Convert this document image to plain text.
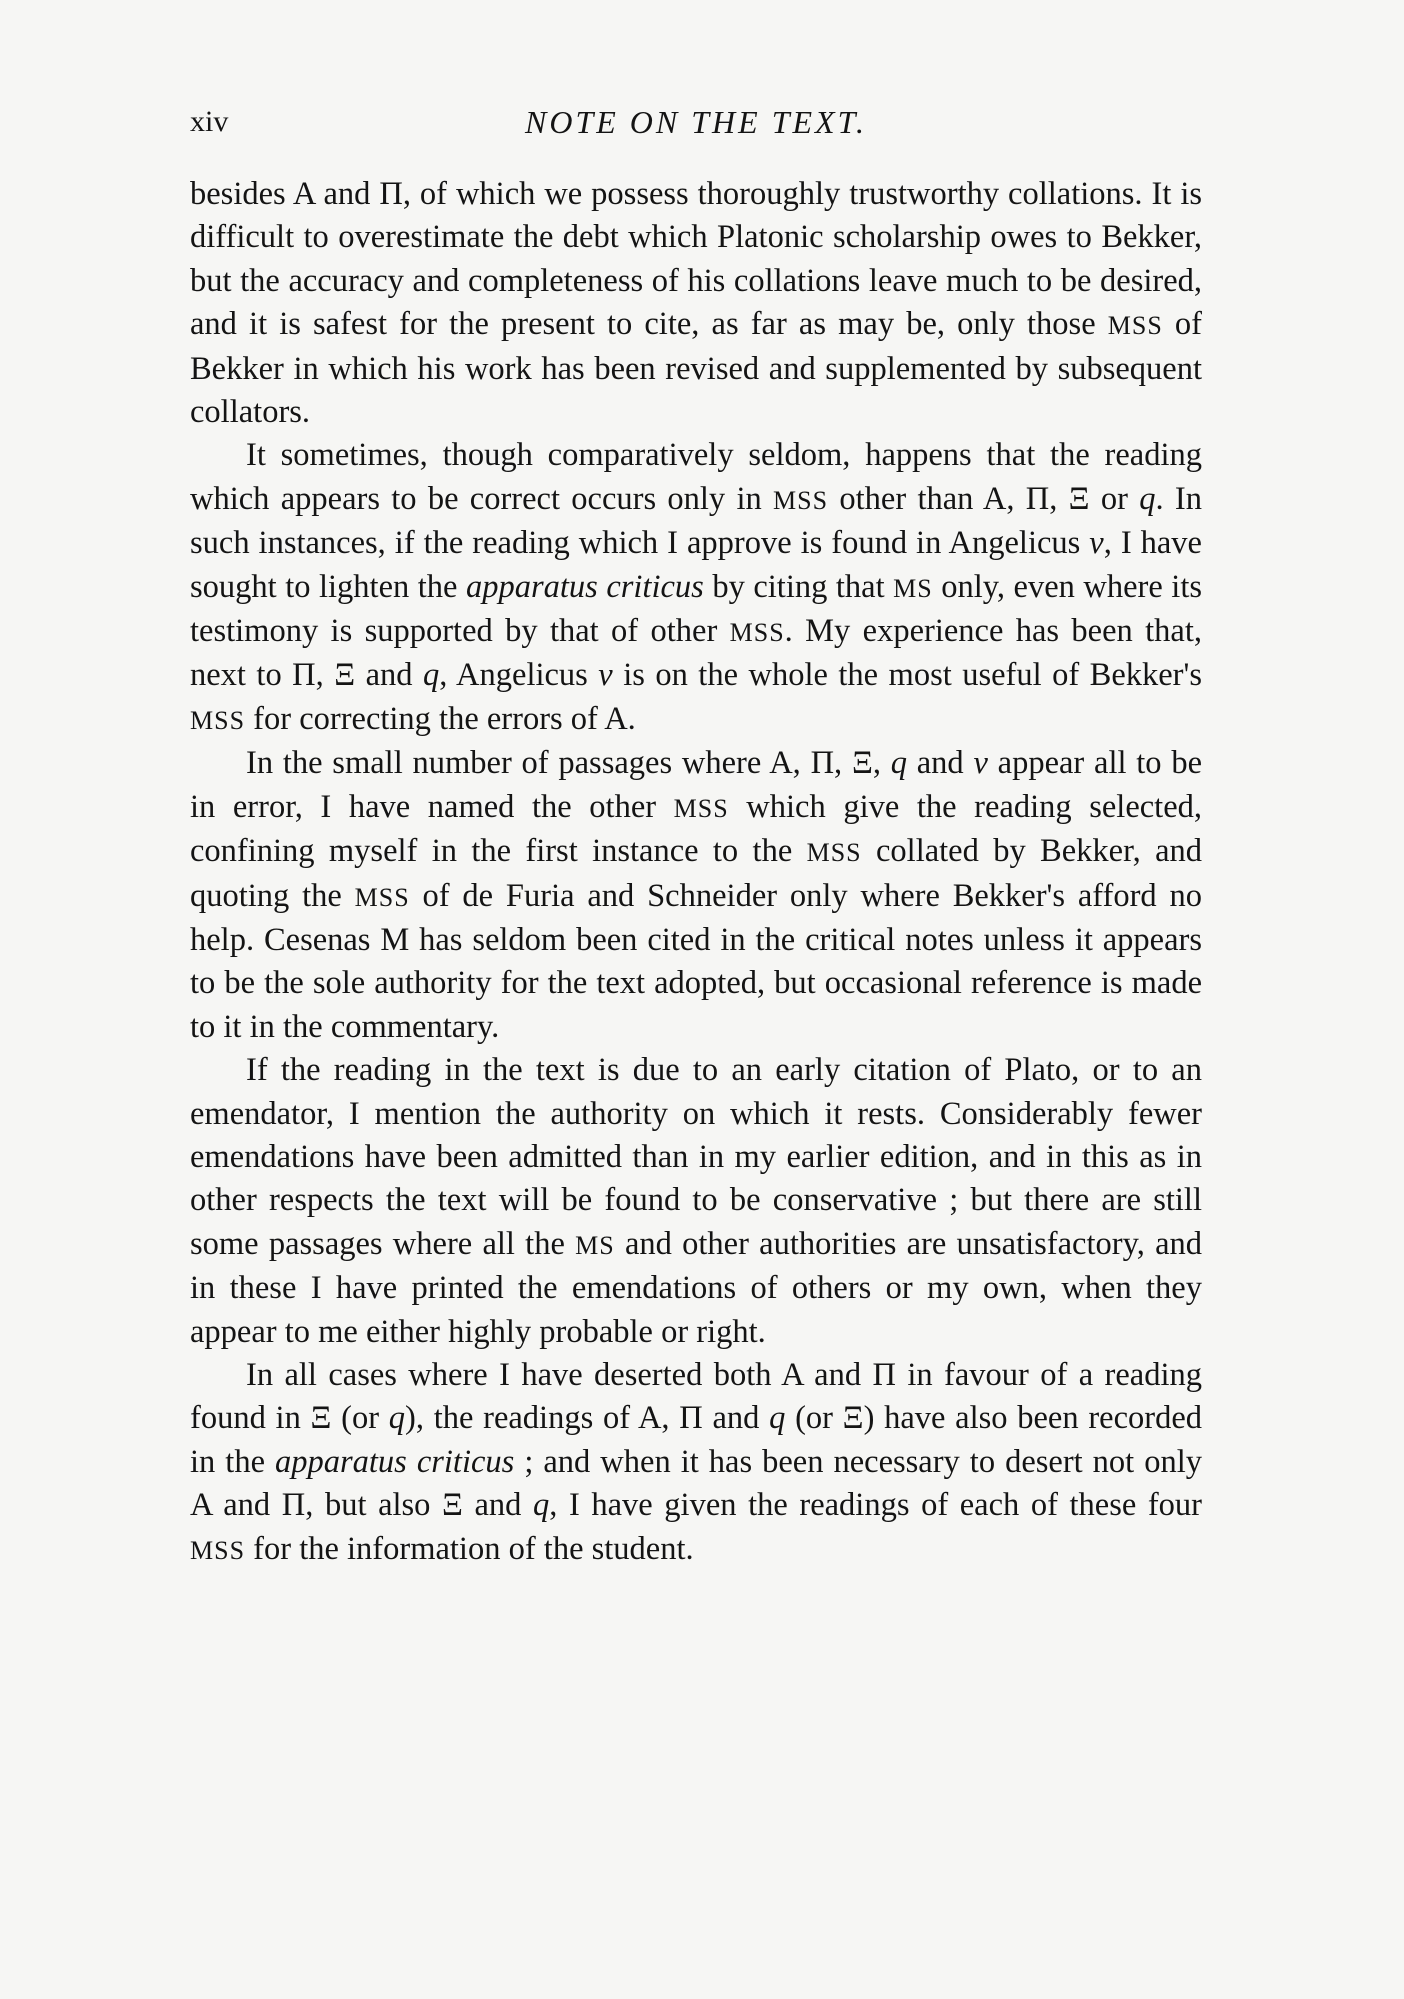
xiv	NOTE ON THE TEXT.

besides A and Π, of which we possess thoroughly trustworthy collations. It is difficult to overestimate the debt which Platonic scholarship owes to Bekker, but the accuracy and completeness of his collations leave much to be desired, and it is safest for the present to cite, as far as may be, only those MSS of Bekker in which his work has been revised and supplemented by subsequent collators.

It sometimes, though comparatively seldom, happens that the reading which appears to be correct occurs only in MSS other than A, Π, Ξ or q. In such instances, if the reading which I approve is found in Angelicus v, I have sought to lighten the apparatus criticus by citing that MS only, even where its testimony is supported by that of other MSS. My experience has been that, next to Π, Ξ and q, Angelicus v is on the whole the most useful of Bekker's MSS for correcting the errors of A.

In the small number of passages where A, Π, Ξ, q and v appear all to be in error, I have named the other MSS which give the reading selected, confining myself in the first instance to the MSS collated by Bekker, and quoting the MSS of de Furia and Schneider only where Bekker's afford no help. Cesenas M has seldom been cited in the critical notes unless it appears to be the sole authority for the text adopted, but occasional reference is made to it in the commentary.

If the reading in the text is due to an early citation of Plato, or to an emendator, I mention the authority on which it rests. Considerably fewer emendations have been admitted than in my earlier edition, and in this as in other respects the text will be found to be conservative ; but there are still some passages where all the MS and other authorities are unsatisfactory, and in these I have printed the emendations of others or my own, when they appear to me either highly probable or right.

In all cases where I have deserted both A and Π in favour of a reading found in Ξ (or q), the readings of A, Π and q (or Ξ) have also been recorded in the apparatus criticus ; and when it has been necessary to desert not only A and Π, but also Ξ and q, I have given the readings of each of these four MSS for the information of the student.
